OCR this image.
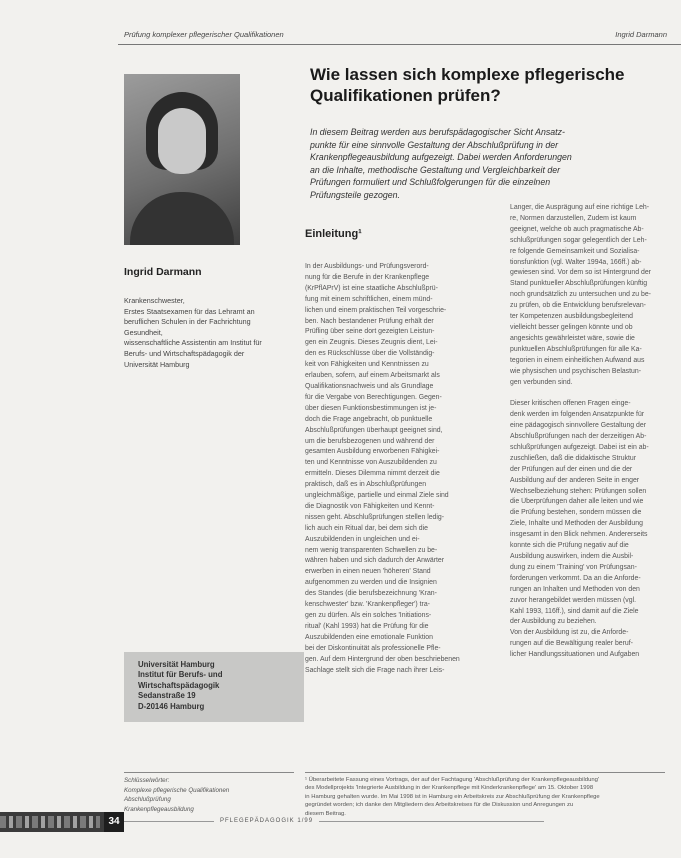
Prüfung komplexer pflegerischer Qualifikationen	Ingrid Darmann
Ingrid Darmann
Krankenschwester,
Erstes Staatsexamen für das Lehramt an
beruflichen Schulen in der Fachrichtung
Gesundheit,
wissenschaftliche Assistentin am Institut für
Berufs- und Wirtschaftspädagogik der
Universität Hamburg
Wie lassen sich komplexe pflegerische
Qualifikationen prüfen?
In diesem Beitrag werden aus berufspädagogischer Sicht Ansatz-
punkte für eine sinnvolle Gestaltung der Abschlußprüfung in der
Krankenpflegeausbildung aufgezeigt. Dabei werden Anforderungen
an die Inhalte, methodische Gestaltung und Vergleichbarkeit der
Prüfungen formuliert und Schlußfolgerungen für die einzelnen
Prüfungsteile gezogen.
Einleitung¹
In der Ausbildungs- und Prüfungsverord-
nung für die Berufe in der Krankenpflege
(KrPflAPrV) ist eine staatliche Abschlußprü-
fung mit einem schriftlichen, einem münd-
lichen und einem praktischen Teil vorgeschrie-
ben. Nach bestandener Prüfung erhält der
Prüfling über seine dort gezeigten Leistun-
gen ein Zeugnis. Dieses Zeugnis dient, Lei-
den es Rückschlüsse über die Vollständig-
keit von Fähigkeiten und Kenntnissen zu
erlauben, sofern, auf einem Arbeitsmarkt als
Qualifikationsnachweis und als Grundlage
für die Vergabe von Berechtigungen. Gegen-
über diesen Funktionsbestimmungen ist je-
doch die Frage angebracht, ob punktuelle
Abschlußprüfungen überhaupt geeignet sind,
um die berufsbezogenen und während der
gesamten Ausbildung erworbenen Fähigkei-
ten und Kenntnisse von Auszubildenden zu
ermitteln. Dieses Dilemma nimmt derzeit die
praktisch, daß es in Abschlußprüfungen
ungleichmäßige, partielle und einmal Ziele sind
die Diagnostik von Fähigkeiten und Kennt-
nissen geht. Abschlußprüfungen stellen ledig-
lich auch ein Ritual dar, bei dem sich die
Auszubildenden in ungleichen und ei-
nem wenig transparenten Schwellen zu be-
währen haben und sich dadurch der Anwärter
erwerben in einen neuen 'höheren' Stand
aufgenommen zu werden und die Insignien
des Standes (die berufsbezeichnung 'Kran-
kenschwester' bzw. 'Krankenpfleger') tra-
gen zu dürfen. Als ein solches 'Initiations-
ritual' (Kahl 1993) hat die Prüfung für die
Auszubildenden eine emotionale Funktion
bei der Diskontinuität als professionelle Pfle-
gen. Auf dem Hintergrund der oben beschriebenen
Sachlage stellt sich die Frage nach ihrer Leis-
Langer, die Ausprägung auf eine richtige Leh-
re, Normen darzustellen, Zudem ist kaum
geeignet, welche ob auch pragmatische Ab-
schlußprüfungen sogar gelegentlich der Leh-
re folgende Gemeinsamkeit und Sozialisa-
tionsfunktion (vgl. Walter 1994a, 166ff.) ab-
gewiesen sind. Vor dem so ist Hintergrund der
Stand punktueller Abschlußprüfungen künftig
noch grundsätzlich zu untersuchen und zu be-
zu prüfen, ob die Entwicklung berufsrelevan-
ter Kompetenzen ausbildungsbegleitend
vielleicht besser gelingen könnte und ob
angesichts gewährleistet wäre, sowie die
punktuellen Abschlußprüfungen für alle Ka-
tegorien in einem einheitlichen Aufwand aus
wie physischen und psychischen Belastun-
gen verbunden sind.
Dieser kritischen offenen Fragen einge-
denk werden im folgenden Ansatzpunkte für
eine pädagogisch sinnvollere Gestaltung der
Abschlußprüfungen nach der derzeitigen Ab-
schlußprüfungen aufgezeigt. Dabei ist ein ab-
zuschließen, daß die didaktische Struktur
der Prüfungen auf der einen und die der
Ausbildung auf der anderen Seite in enger
Wechselbeziehung stehen: Prüfungen sollen
die Überprüfungen daher alle leiten und wie
die Prüfung bestehen, sondern müssen die
Ziele, Inhalte und Methoden der Ausbildung
insgesamt in den Blick nehmen. Andererseits
konnte sich die Prüfung negativ auf die
Ausbildung auswirken, indem die Ausbil-
dung zu einem 'Training' von Prüfungsan-
forderungen verkommt. Da an die Anforde-
rungen an Inhalten und Methoden von den
zuvor herangebildet werden müssen (vgl.
Kahl 1993, 116ff.), sind damit auf die Ziele
der Ausbildung zu beziehen.
Von der Ausbildung ist zu, die Anforde-
rungen auf die Bewältigung realer beruf-
licher Handlungssituationen und Aufgaben
Universität Hamburg
Institut für Berufs- und
Wirtschaftspädagogik
Sedanstraße 19
D-20146 Hamburg
Schlüsselwörter:
Komplexe pflegerische Qualifikationen
Abschlußprüfung
Krankenpflegeausbildung
¹ Überarbeitete Fassung eines Vortrags, der auf der Fachtagung 'Abschlußprüfung der Krankenpflegeausbildung'
des Modellprojekts 'Integrierte Ausbildung in der Krankenpflege mit Kinderkrankenpflege' am 15. Oktober 1998
in Hamburg gehalten wurde. Im Mai 1998 ist in Hamburg ein Arbeitskreis zur Abschlußprüfung der Krankenpflege
gegründet worden; ich danke den Mitgliedern des Arbeitskreises für die Diskussion und Anregungen zu
diesem Beitrag.
34	PFLEGEPÄDAGOGIK 1/99
